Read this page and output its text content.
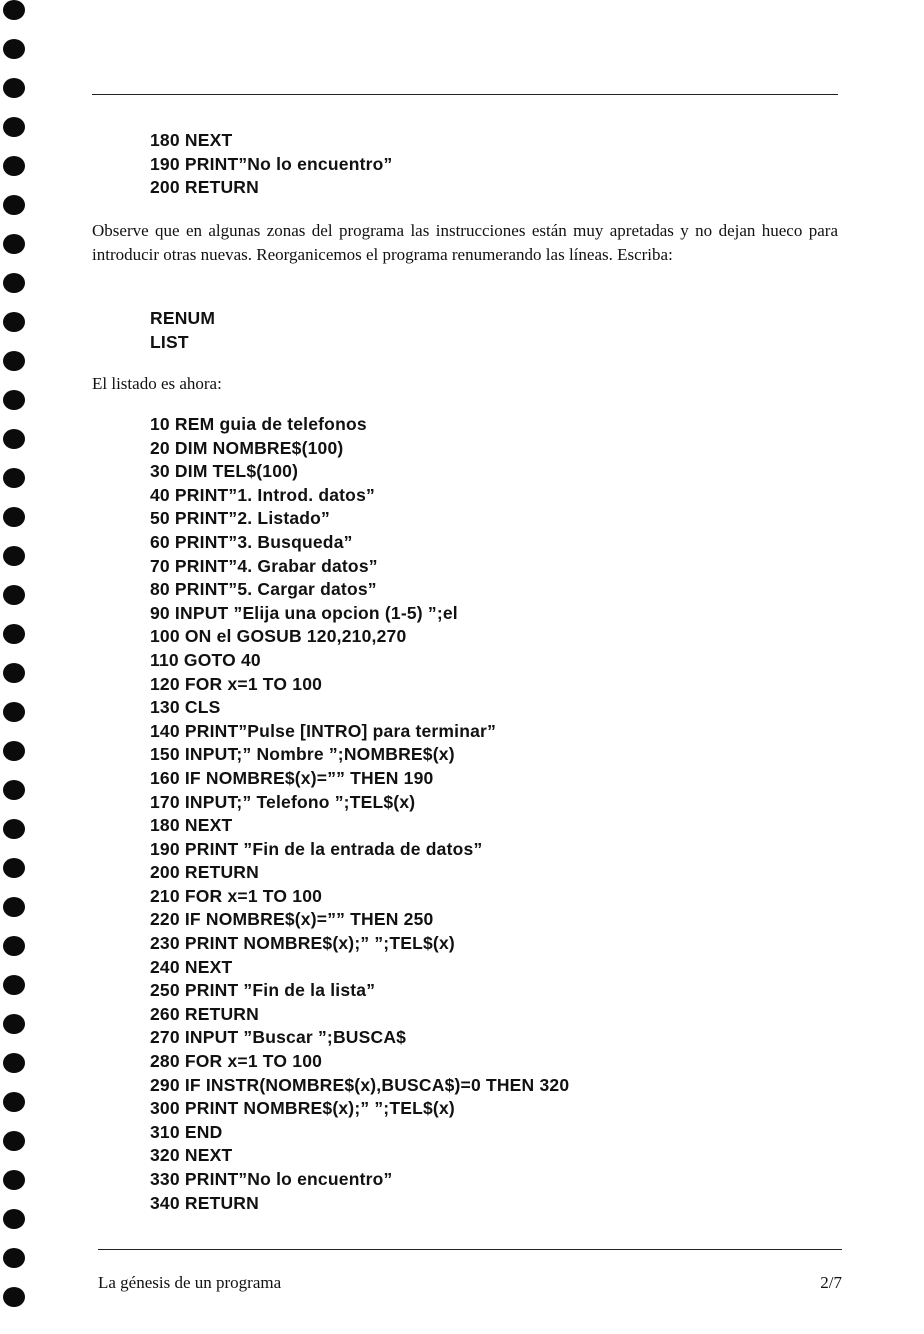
180 NEXT
190 PRINT”No lo encuentro”
200 RETURN

Observe que en algunas zonas del programa las instrucciones están muy apretadas y no dejan hueco para introducir otras nuevas. Reorganicemos el programa renumerando las líneas. Escriba:

RENUM
LIST

El listado es ahora:

10 REM guia de telefonos
20 DIM NOMBRE$(100)
30 DIM TEL$(100)
40 PRINT”1. Introd. datos”
50 PRINT”2. Listado”
60 PRINT”3. Busqueda”
70 PRINT”4. Grabar datos”
80 PRINT”5. Cargar datos”
90 INPUT ”Elija una opcion (1-5) ”;el
100 ON el GOSUB 120,210,270
110 GOTO 40
120 FOR x=1 TO 100
130 CLS
140 PRINT”Pulse [INTRO] para terminar”
150 INPUT;” Nombre ”;NOMBRE$(x)
160 IF NOMBRE$(x)=”” THEN 190
170 INPUT;” Telefono ”;TEL$(x)
180 NEXT
190 PRINT ”Fin de la entrada de datos”
200 RETURN
210 FOR x=1 TO 100
220 IF NOMBRE$(x)=”” THEN 250
230 PRINT NOMBRE$(x);” ”;TEL$(x)
240 NEXT
250 PRINT ”Fin de la lista”
260 RETURN
270 INPUT ”Buscar ”;BUSCA$
280 FOR x=1 TO 100
290 IF INSTR(NOMBRE$(x),BUSCA$)=0 THEN 320
300 PRINT NOMBRE$(x);” ”;TEL$(x)
310 END
320 NEXT
330 PRINT”No lo encuentro”
340 RETURN
La génesis de un programa	2/7
